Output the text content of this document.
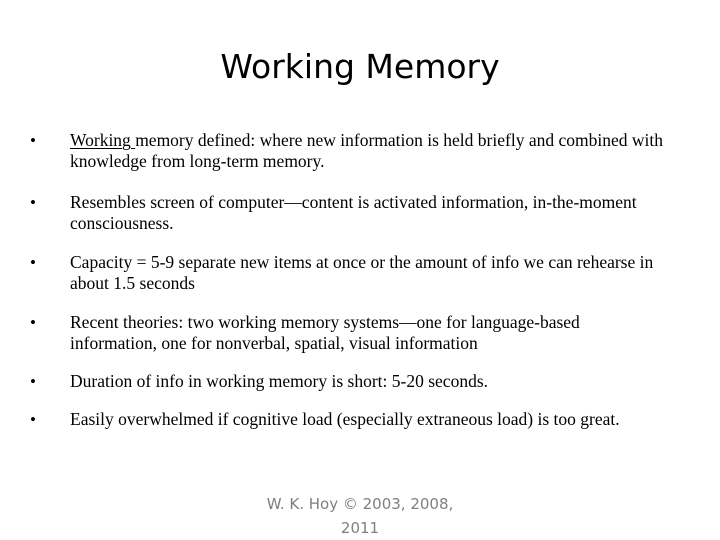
Working Memory
•	Working memory defined: where new information is held briefly and combined with knowledge from long-term memory.
•	Resembles screen of computer—content is activated information, in-the-moment consciousness.
•	Capacity = 5-9 separate new items at once or the amount of info we can rehearse in about 1.5 seconds
•	Recent theories: two working memory systems—one for language-based information, one for nonverbal, spatial, visual information
•	Duration of info in working memory is short: 5-20 seconds.
•	Easily overwhelmed if cognitive load (especially extraneous load) is too great.
W. K. Hoy © 2003, 2008, 2011
